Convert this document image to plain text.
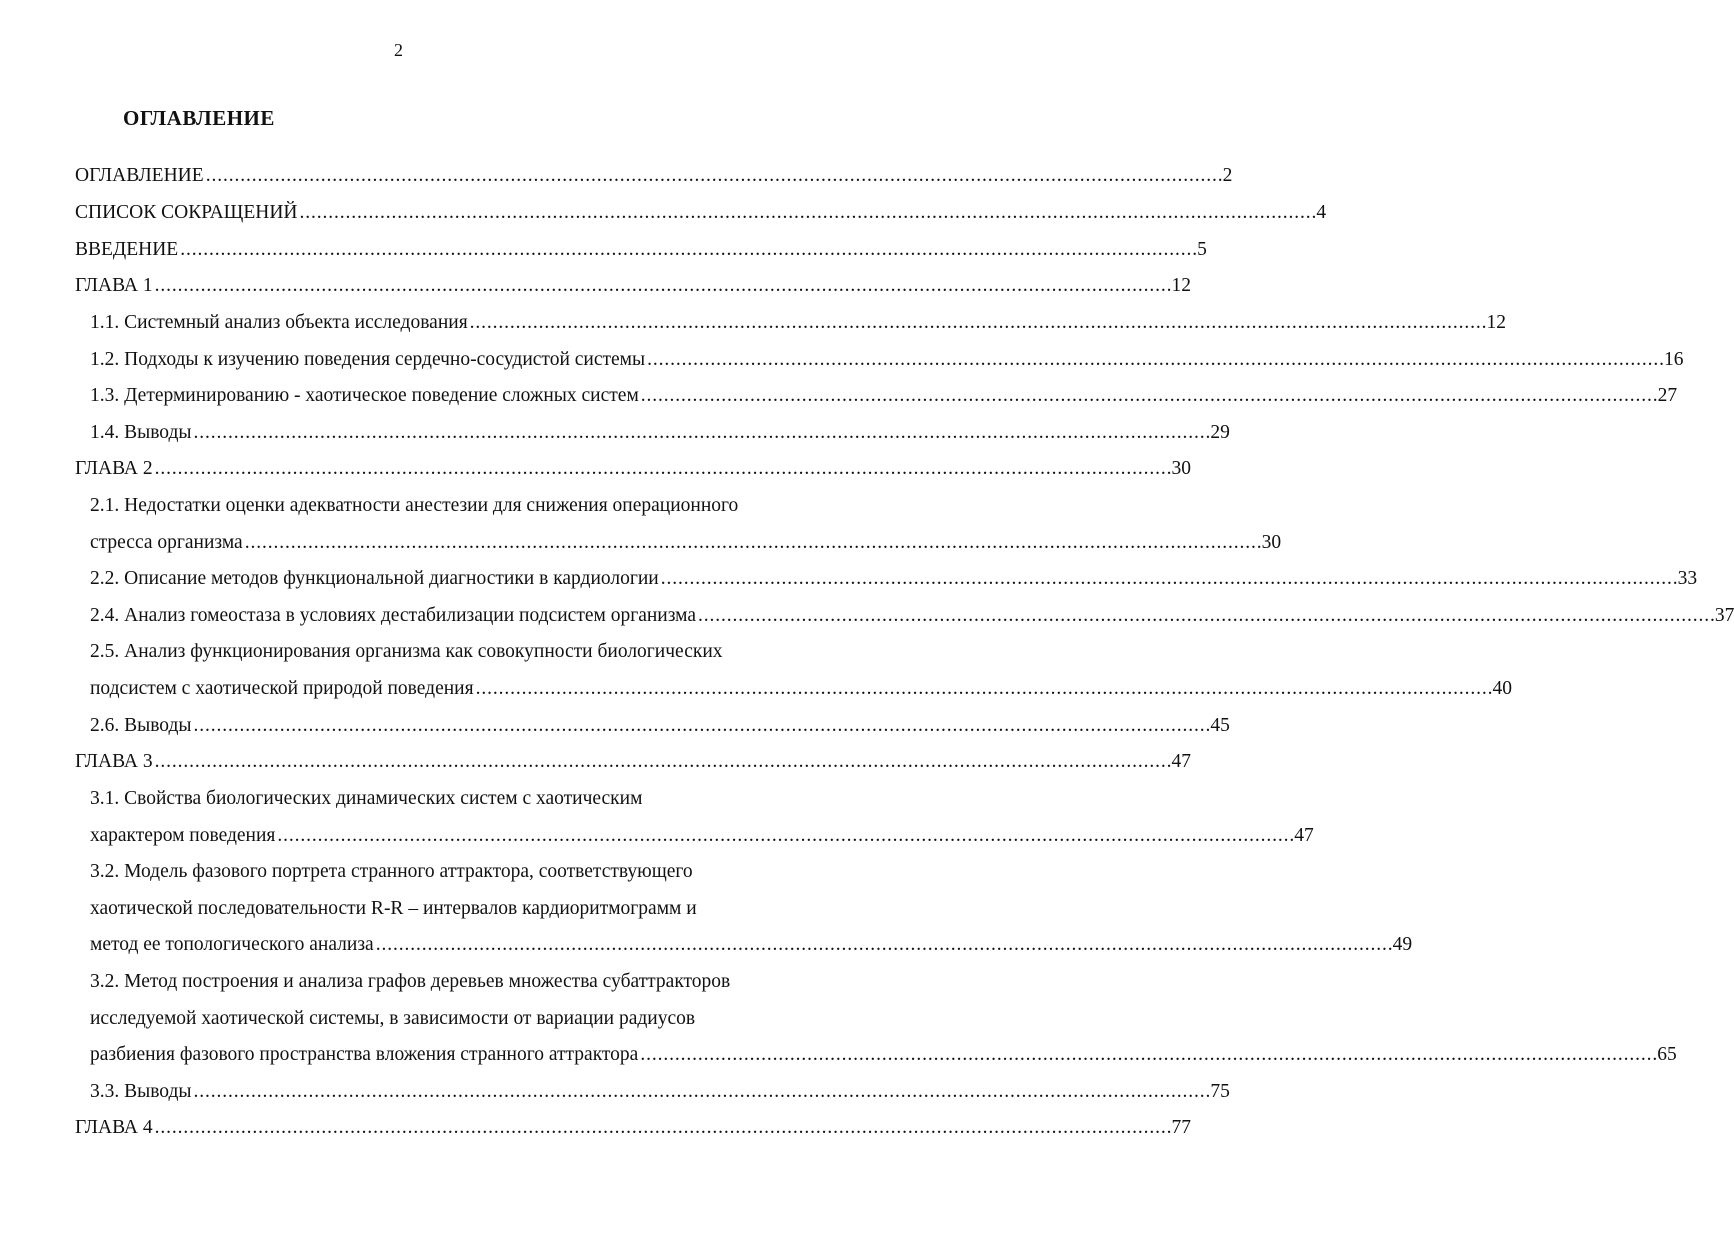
2
ОГЛАВЛЕНИЕ
ОГЛАВЛЕНИЕ . . .	2
СПИСОК СОКРАЩЕНИЙ . . .	4
ВВЕДЕНИЕ . . .	5
ГЛАВА 1 . . .	12
1.1. Системный анализ объекта исследования . . .	12
1.2. Подходы к изучению поведения сердечно-сосудистой системы . . .	16
1.3. Детерминированию - хаотическое поведение сложных систем . . .	27
1.4. Выводы . . .	29
ГЛАВА 2 . . .	30
2.1. Недостатки оценки адекватности анестезии для снижения операционного
стресса организма . . .	30
2.2. Описание методов функциональной диагностики в кардиологии . . .	33
2.4. Анализ гомеостаза в условиях дестабилизации подсистем организма . . .	37
2.5. Анализ функционирования организма как совокупности биологических
подсистем с хаотической природой поведения . . .	40
2.6. Выводы . . .	45
ГЛАВА 3 . . .	47
3.1. Свойства биологических динамических систем с хаотическим
характером поведения . . .	47
3.2. Модель фазового портрета странного аттрактора, соответствующего
хаотической последовательности R-R – интервалов кардиоритмограмм и
метод ее топологического анализа . . .	49
3.2. Метод построения и анализа графов деревьев множества субаттракторов
исследуемой хаотической системы, в зависимости от вариации радиусов
разбиения фазового пространства вложения странного аттрактора . . .	65
3.3. Выводы . . .	75
ГЛАВА 4 . . .	77
